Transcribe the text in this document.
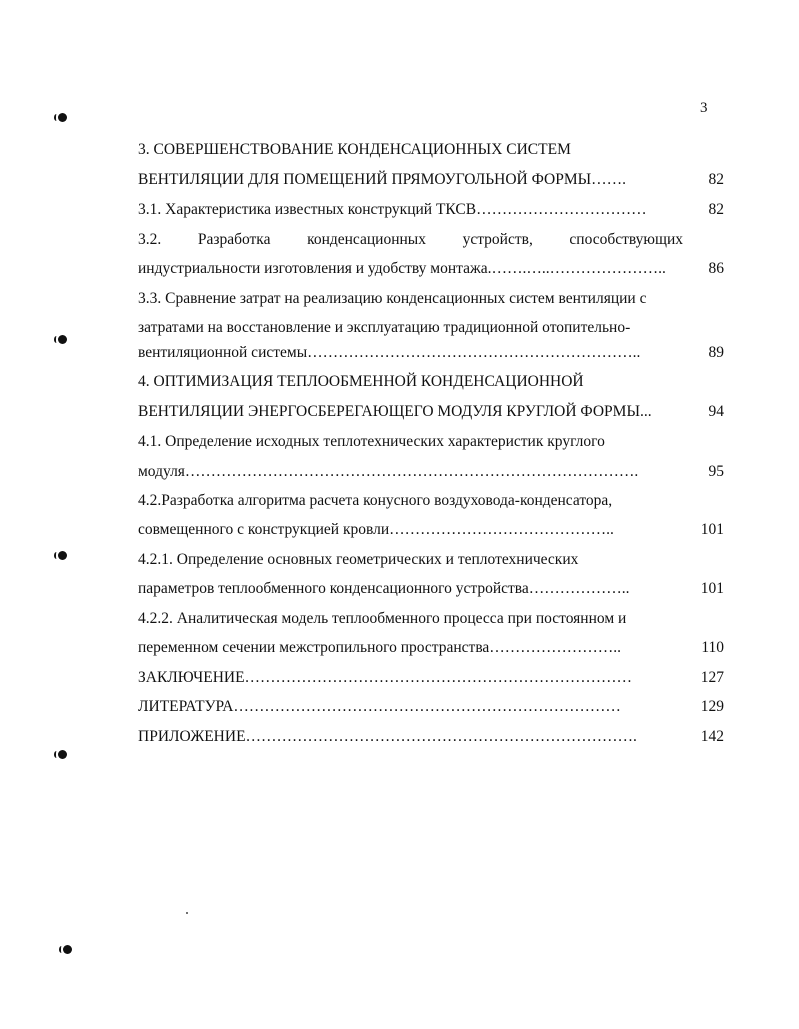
3
3. СОВЕРШЕНСТВОВАНИЕ КОНДЕНСАЦИОННЫХ СИСТЕМ
ВЕНТИЛЯЦИИ ДЛЯ ПОМЕЩЕНИЙ ПРЯМОУГОЛЬНОЙ ФОРМЫ…….	82
3.1. Характеристика известных конструкций ТКСВ……………………………	82
3.2. Разработка конденсационных устройств, способствующих
индустриальности изготовления и удобству монтажа.…….…..…………………..	86
3.3. Сравнение затрат на реализацию конденсационных систем вентиляции с
затратами на восстановление и эксплуатацию традиционной отопительно-
вентиляционной системы………………………………………………………..	89
4. ОПТИМИЗАЦИЯ ТЕПЛООБМЕННОЙ КОНДЕНСАЦИОННОЙ
ВЕНТИЛЯЦИИ ЭНЕРГОСБЕРЕГАЮЩЕГО МОДУЛЯ КРУГЛОЙ ФОРМЫ...	94
4.1. Определение исходных теплотехнических характеристик круглого
модуля…………………………………………………………………………….	95
4.2.Разработка алгоритма расчета конусного воздуховода-конденсатора,
совмещенного с конструкцией кровли……………………………………..	101
4.2.1. Определение основных геометрических и теплотехнических
параметров теплообменного конденсационного устройства………………..	101
4.2.2. Аналитическая модель теплообменного процесса при постоянном и
переменном сечении межстропильного пространства……………………..	110
ЗАКЛЮЧЕНИЕ…………………………………………………………………	127
ЛИТЕРАТУРА…………………………………………………………………	129
ПРИЛОЖЕНИЕ………………………………………………………………….	142
